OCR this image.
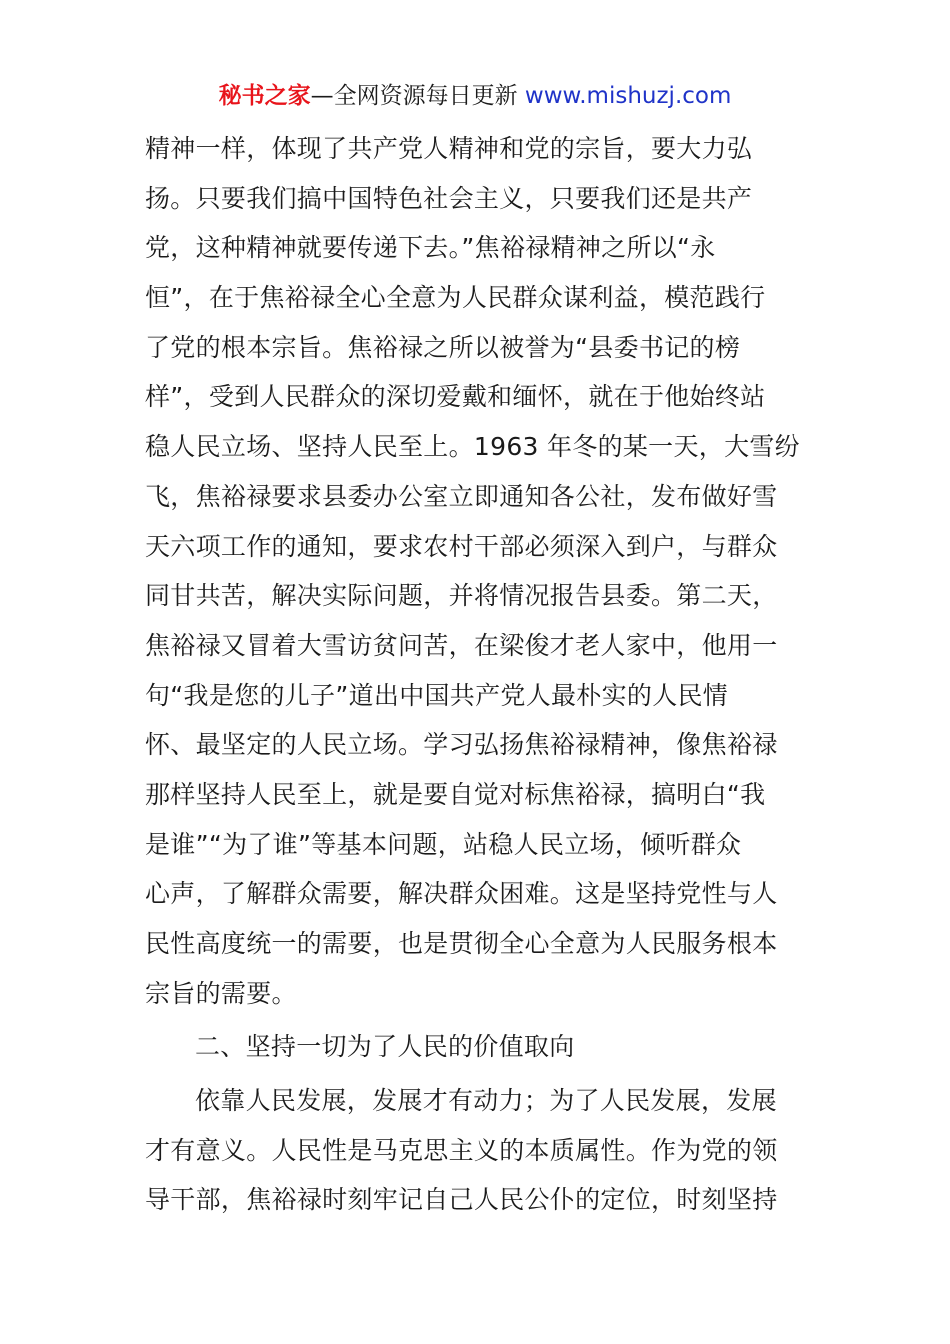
秘书之家—全网资源每日更新 www.mishuzj.com
精神一样，体现了共产党人精神和党的宗旨，要大力弘
扬。只要我们搞中国特色社会主义，只要我们还是共产
党，这种精神就要传递下去。”焦裕禄精神之所以“永
恒”，在于焦裕禄全心全意为人民群众谋利益，模范践行
了党的根本宗旨。焦裕禄之所以被誉为“县委书记的榜
样”，受到人民群众的深切爱戴和缅怀，就在于他始终站
稳人民立场、坚持人民至上。1963 年冬的某一天，大雪纷
飞，焦裕禄要求县委办公室立即通知各公社，发布做好雪
天六项工作的通知，要求农村干部必须深入到户，与群众
同甘共苦，解决实际问题，并将情况报告县委。第二天，
焦裕禄又冒着大雪访贫问苦，在梁俊才老人家中，他用一
句“我是您的儿子”道出中国共产党人最朴实的人民情
怀、最坚定的人民立场。学习弘扬焦裕禄精神，像焦裕禄
那样坚持人民至上，就是要自觉对标焦裕禄，搞明白“我
是谁”“为了谁”等基本问题，站稳人民立场，倾听群众
心声，了解群众需要，解决群众困难。这是坚持党性与人
民性高度统一的需要，也是贯彻全心全意为人民服务根本
宗旨的需要。
二、坚持一切为了人民的价值取向
依靠人民发展，发展才有动力；为了人民发展，发展
才有意义。人民性是马克思主义的本质属性。作为党的领
导干部，焦裕禄时刻牢记自己人民公仆的定位，时刻坚持
